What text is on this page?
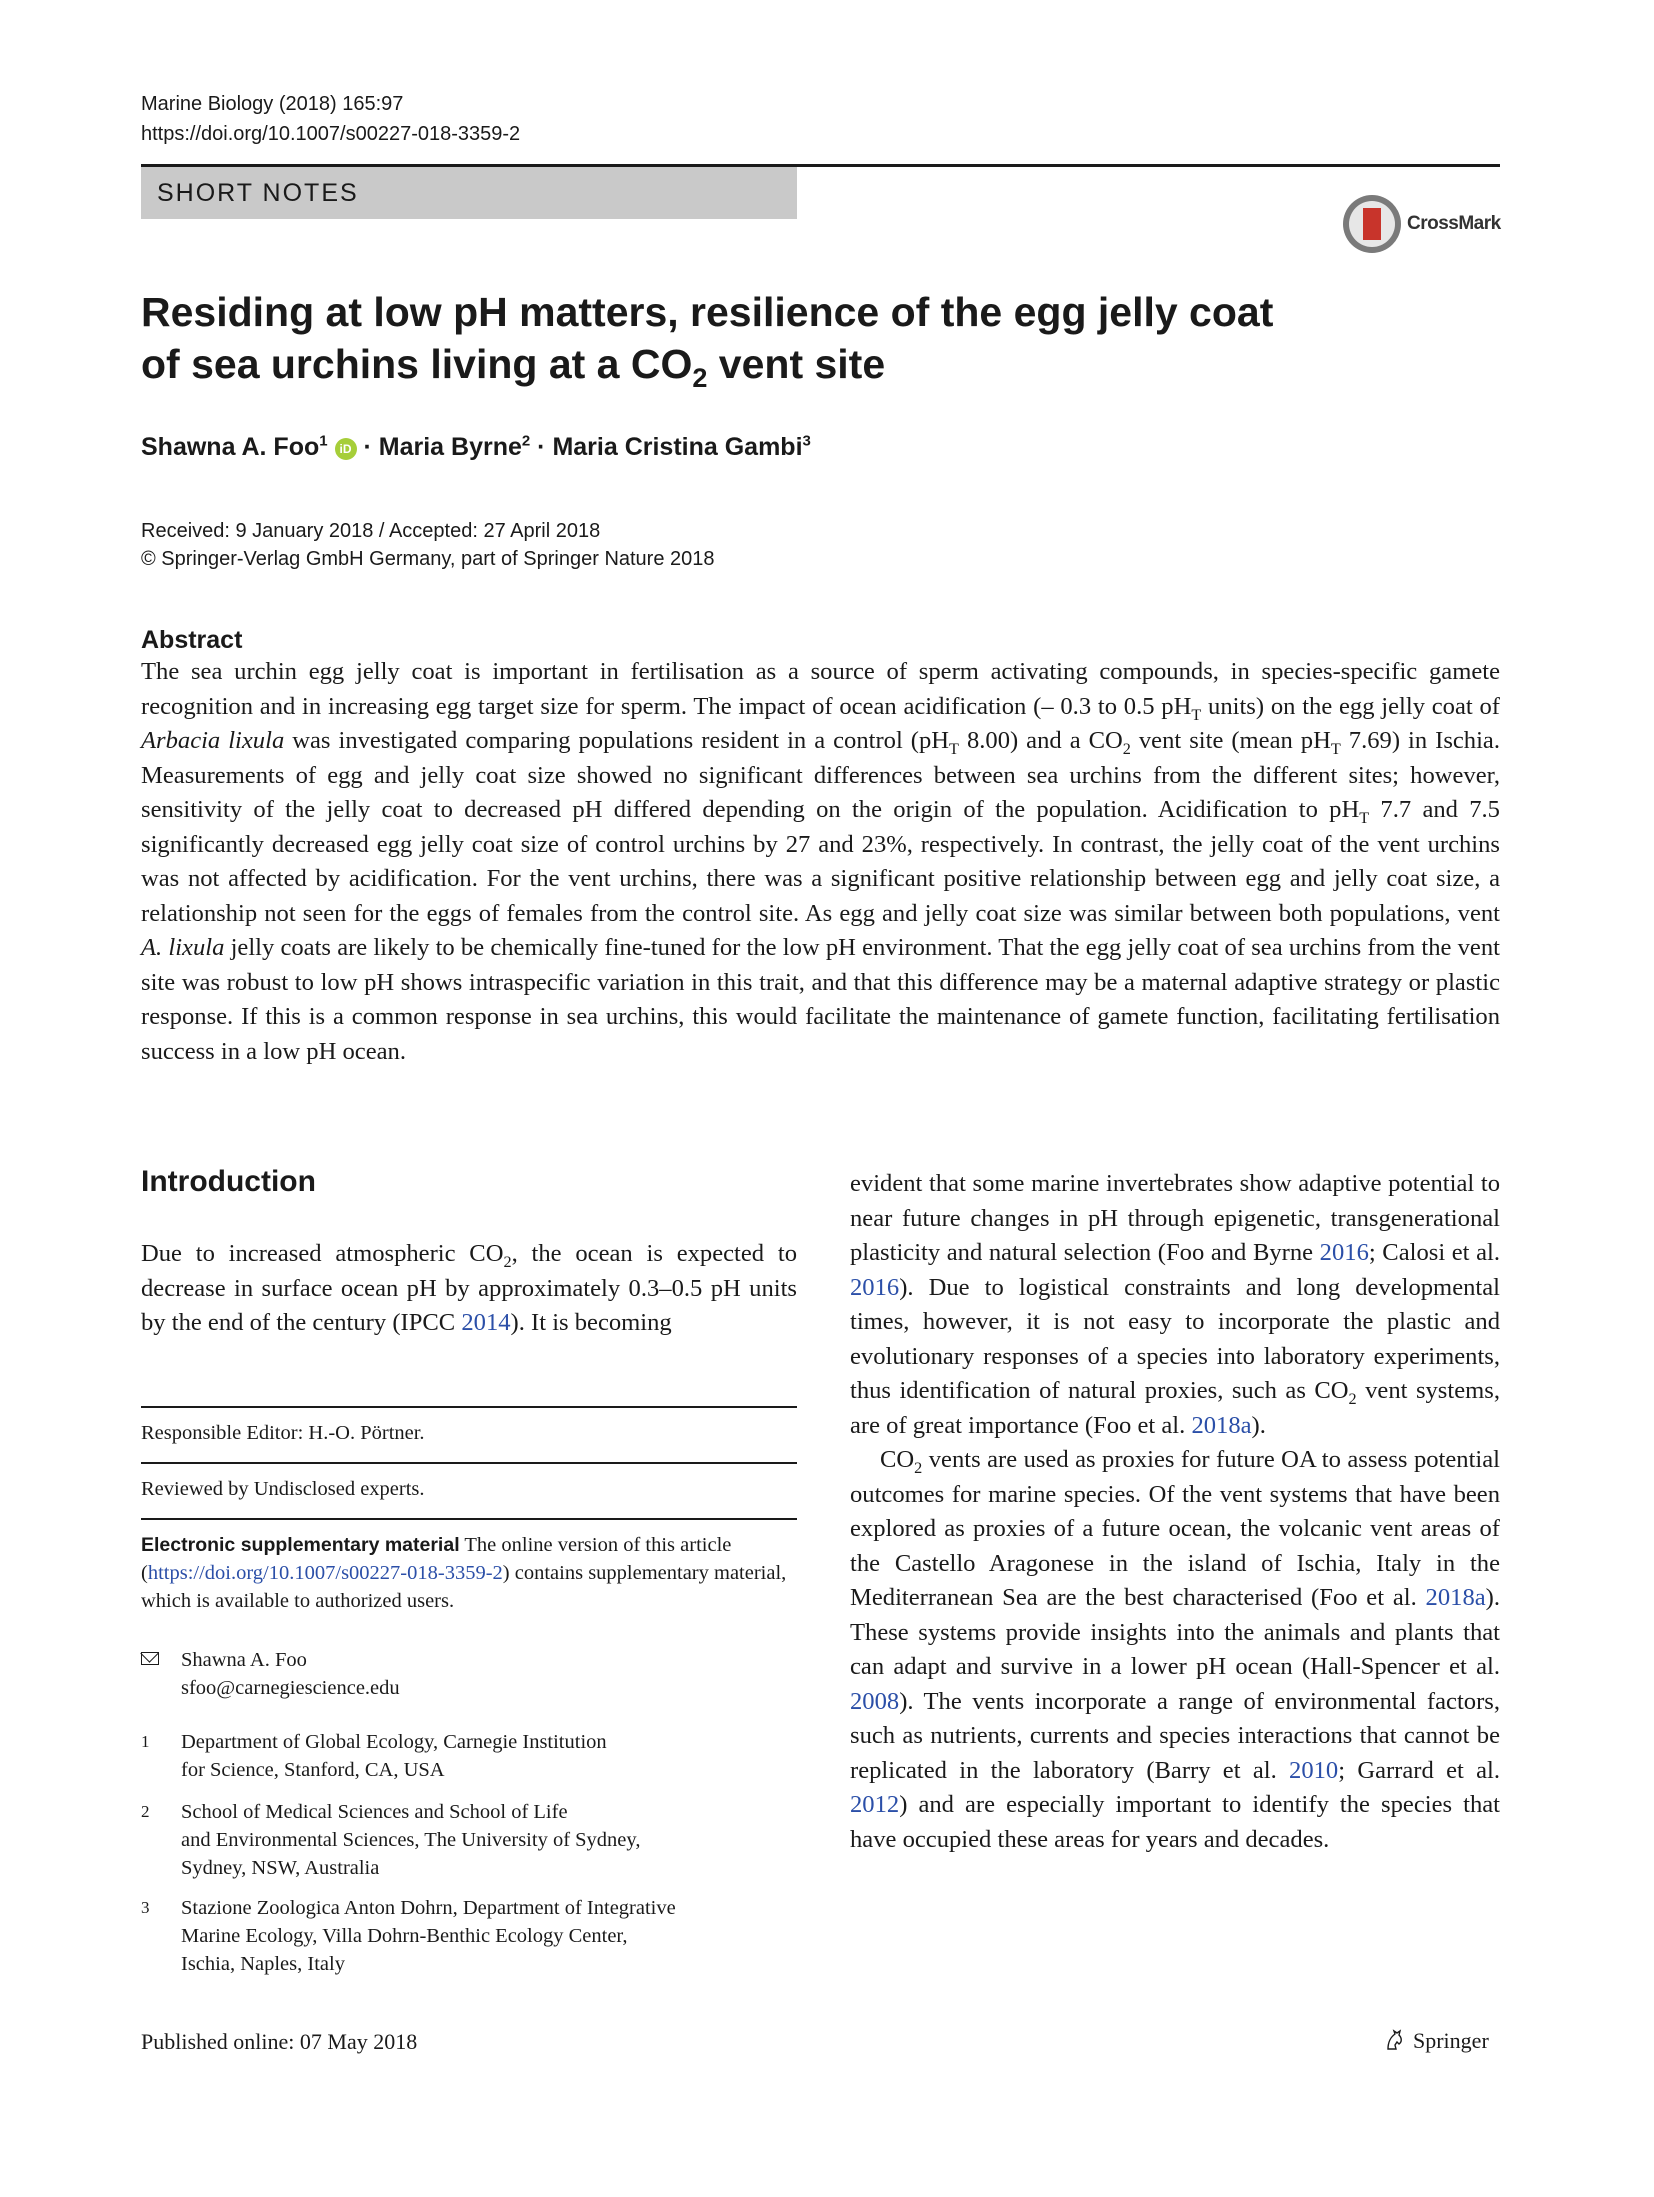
Marine Biology (2018) 165:97
https://doi.org/10.1007/s00227-018-3359-2
SHORT NOTES
CrossMark
Residing at low pH matters, resilience of the egg jelly coat of sea urchins living at a $CO_2$ vent site
Shawna A. Foo$^1$ iD · Maria Byrne$^2$ · Maria Cristina Gambi$^3$
Received: 9 January 2018 / Accepted: 27 April 2018
© Springer-Verlag GmbH Germany, part of Springer Nature 2018
Abstract
The sea urchin egg jelly coat is important in fertilisation as a source of sperm activating compounds, in species-specific gamete recognition and in increasing egg target size for sperm. The impact of ocean acidification (– 0.3 to 0.5 $pH_T$ units) on the egg jelly coat of Arbacia lixula was investigated comparing populations resident in a control ($pH_T$ 8.00) and a $CO_2$ vent site (mean $pH_T$ 7.69) in Ischia. Measurements of egg and jelly coat size showed no significant differences between sea urchins from the different sites; however, sensitivity of the jelly coat to decreased pH differed depending on the origin of the population. Acidification to $pH_T$ 7.7 and 7.5 significantly decreased egg jelly coat size of control urchins by 27 and 23%, respectively. In contrast, the jelly coat of the vent urchins was not affected by acidification. For the vent urchins, there was a significant positive relationship between egg and jelly coat size, a relationship not seen for the eggs of females from the control site. As egg and jelly coat size was similar between both populations, vent A. lixula jelly coats are likely to be chemically fine-tuned for the low pH environment. That the egg jelly coat of sea urchins from the vent site was robust to low pH shows intraspecific variation in this trait, and that this difference may be a maternal adaptive strategy or plastic response. If this is a common response in sea urchins, this would facilitate the maintenance of gamete function, facilitating fertilisation success in a low pH ocean.
Introduction
Due to increased atmospheric $CO_2$, the ocean is expected to decrease in surface ocean pH by approximately 0.3–0.5 pH units by the end of the century (IPCC 2014). It is becoming

evident that some marine invertebrates show adaptive potential to near future changes in pH through epigenetic, transgenerational plasticity and natural selection (Foo and Byrne 2016; Calosi et al. 2016). Due to logistical constraints and long developmental times, however, it is not easy to incorporate the plastic and evolutionary responses of a species into laboratory experiments, thus identification of natural proxies, such as $CO_2$ vent systems, are of great importance (Foo et al. 2018a).

$CO_2$ vents are used as proxies for future OA to assess potential outcomes for marine species. Of the vent systems that have been explored as proxies of a future ocean, the volcanic vent areas of the Castello Aragonese in the island of Ischia, Italy in the Mediterranean Sea are the best characterised (Foo et al. 2018a). These systems provide insights into the animals and plants that can adapt and survive in a lower pH ocean (Hall-Spencer et al. 2008). The vents incorporate a range of environmental factors, such as nutrients, currents and species interactions that cannot be replicated in the laboratory (Barry et al. 2010; Garrard et al. 2012) and are especially important to identify the species that have occupied these areas for years and decades.

Responsible Editor: H.-O. Pörtner.
Reviewed by Undisclosed experts.
Electronic supplementary material The online version of this article (https://doi.org/10.1007/s00227-018-3359-2) contains supplementary material, which is available to authorized users.
Shawna A. Foo
sfoo@carnegiescience.edu
1 Department of Global Ecology, Carnegie Institution
for Science, Stanford, CA, USA
2 School of Medical Sciences and School of Life
and Environmental Sciences, The University of Sydney,
Sydney, NSW, Australia
3 Stazione Zoologica Anton Dohrn, Department of Integrative
Marine Ecology, Villa Dohrn-Benthic Ecology Center,
Ischia, Naples, Italy
Published online: 07 May 2018	Springer
